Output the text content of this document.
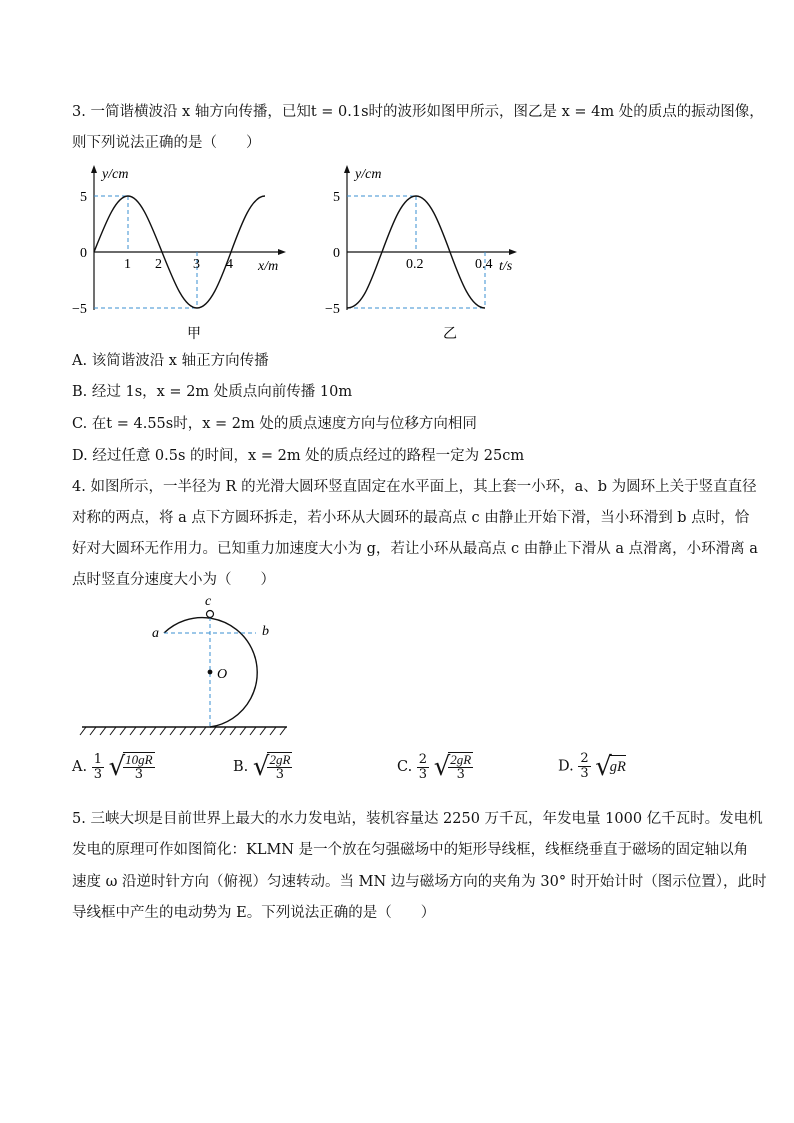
3. 一简谐横波沿 x 轴方向传播，已知t = 0.1s时的波形如图甲所示，图乙是 x = 4m 处的质点的振动图像，
则下列说法正确的是（　　）
y/cm
5
0
−5
1 2 3 4 x/m
甲
y/cm
5
0
−5
0.2	0.4 t/s
乙
A. 该简谐波沿 x 轴正方向传播
B. 经过 1s，x = 2m 处质点向前传播 10m
C. 在t = 4.55s时，x = 2m 处的质点速度方向与位移方向相同
D. 经过任意 0.5s 的时间，x = 2m 处的质点经过的路程一定为 25cm
4. 如图所示，一半径为 R 的光滑大圆环竖直固定在水平面上，其上套一小环，a、b 为圆环上关于竖直直径
对称的两点，将 a 点下方圆环拆走，若小环从大圆环的最高点 c 由静止开始下滑，当小环滑到 b 点时，恰
好对大圆环无作用力。已知重力加速度大小为 g，若让小环从最高点 c 由静止下滑从 a 点滑离，小环滑离 a
点时竖直分速度大小为（　　）
c
a	b
O
A. $\frac{1}{3}$
√
$\frac{10gR}{3}$	B. √
$\frac{2gR}{3}$	C. $\frac{2}{3}$
√
$\frac{2gR}{3}$	D. $\frac{2}{3}$
√
gR
5. 三峡大坝是目前世界上最大的水力发电站，装机容量达 2250 万千瓦，年发电量 1000 亿千瓦时。发电机
发电的原理可作如图简化：KLMN 是一个放在匀强磁场中的矩形导线框，线框绕垂直于磁场的固定轴以角
速度 ω 沿逆时针方向（俯视）匀速转动。当 MN 边与磁场方向的夹角为 30° 时开始计时（图示位置），此时
导线框中产生的电动势为 E。下列说法正确的是（　　）
